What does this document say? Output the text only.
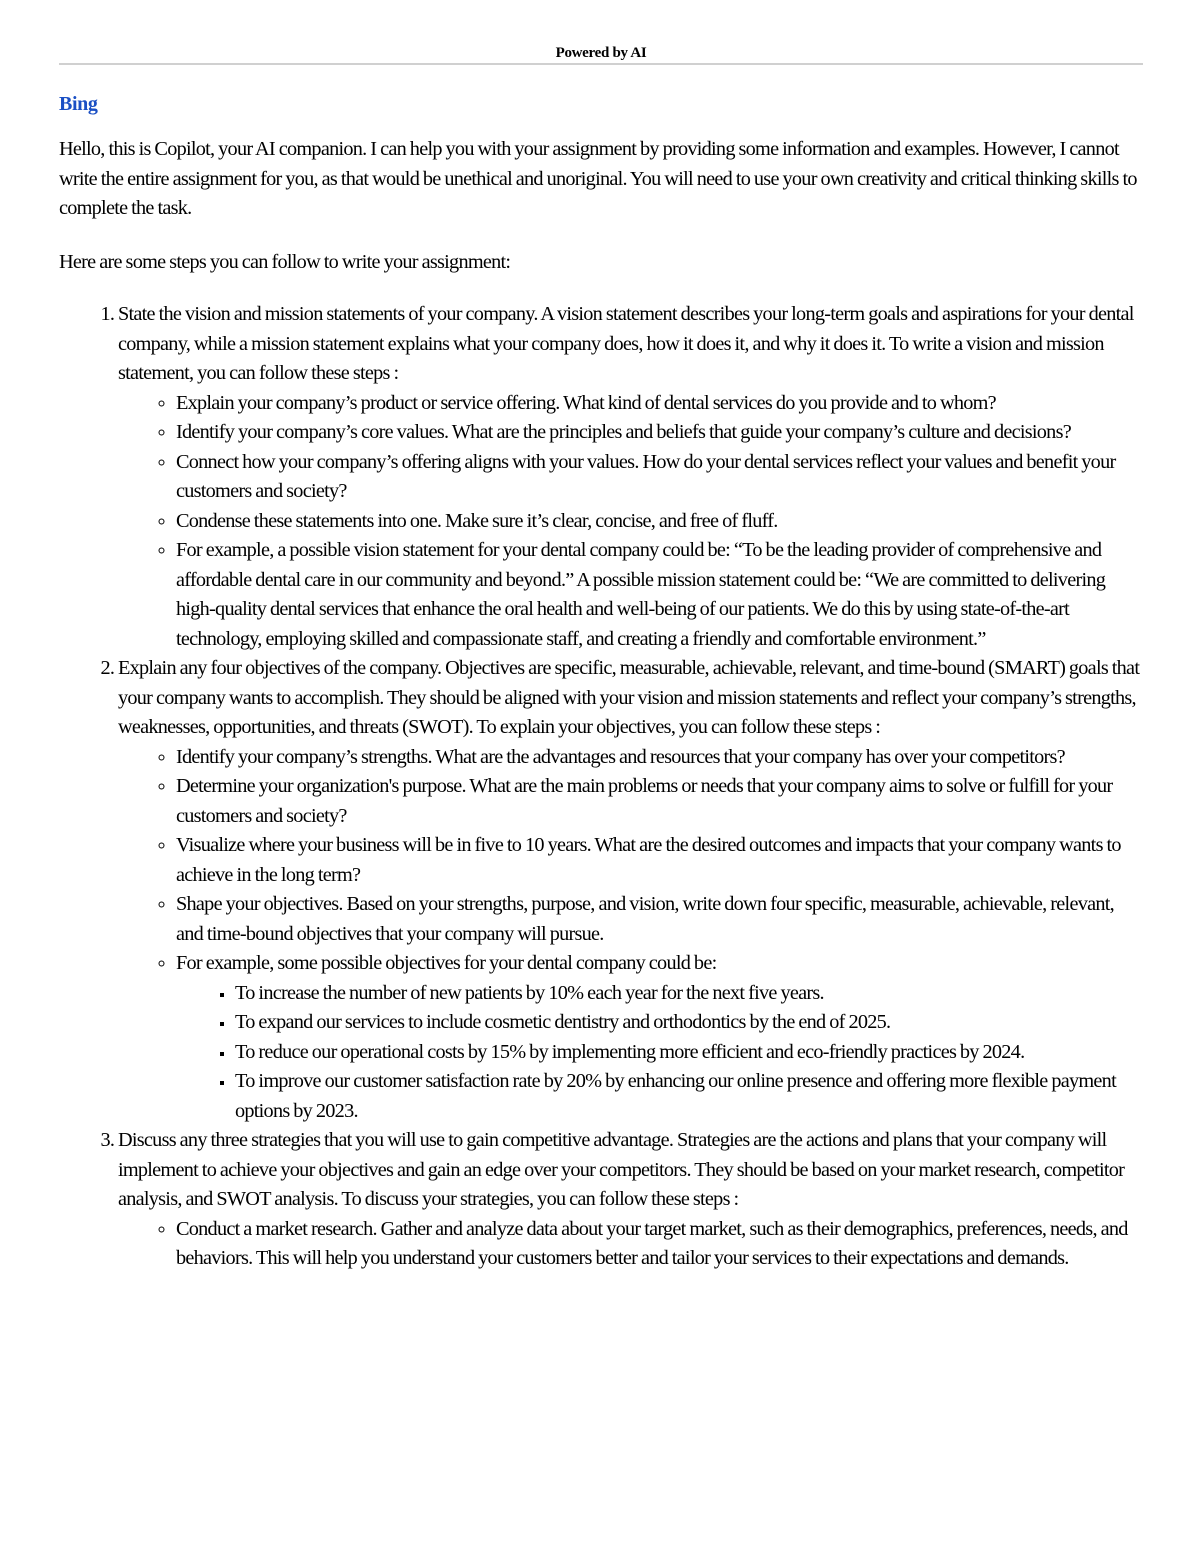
Powered by AI
Bing

Hello, this is Copilot, your AI companion. I can help you with your assignment by providing some information and examples. However, I cannot write the entire assignment for you, as that would be unethical and unoriginal. You will need to use your own creativity and critical thinking skills to complete the task.

Here are some steps you can follow to write your assignment:

1. State the vision and mission statements of your company. A vision statement describes your long-term goals and aspirations for your dental company, while a mission statement explains what your company does, how it does it, and why it does it. To write a vision and mission statement, you can follow these steps :
◦ Explain your company’s product or service offering. What kind of dental services do you provide and to whom?
◦ Identify your company’s core values. What are the principles and beliefs that guide your company’s culture and decisions?
◦ Connect how your company’s offering aligns with your values. How do your dental services reflect your values and benefit your customers and society?
◦ Condense these statements into one. Make sure it’s clear, concise, and free of fluff.
◦ For example, a possible vision statement for your dental company could be: “To be the leading provider of comprehensive and affordable dental care in our community and beyond.” A possible mission statement could be: “We are committed to delivering high-quality dental services that enhance the oral health and well-being of our patients. We do this by using state-of-the-art technology, employing skilled and compassionate staff, and creating a friendly and comfortable environment.”
2. Explain any four objectives of the company. Objectives are specific, measurable, achievable, relevant, and time-bound (SMART) goals that your company wants to accomplish. They should be aligned with your vision and mission statements and reflect your company’s strengths, weaknesses, opportunities, and threats (SWOT). To explain your objectives, you can follow these steps :
◦ Identify your company’s strengths. What are the advantages and resources that your company has over your competitors?
◦ Determine your organization's purpose. What are the main problems or needs that your company aims to solve or fulfill for your customers and society?
◦ Visualize where your business will be in five to 10 years. What are the desired outcomes and impacts that your company wants to achieve in the long term?
◦ Shape your objectives. Based on your strengths, purpose, and vision, write down four specific, measurable, achievable, relevant, and time-bound objectives that your company will pursue.
◦ For example, some possible objectives for your dental company could be:
▪ To increase the number of new patients by 10% each year for the next five years.
▪ To expand our services to include cosmetic dentistry and orthodontics by the end of 2025.
▪ To reduce our operational costs by 15% by implementing more efficient and eco-friendly practices by 2024.
▪ To improve our customer satisfaction rate by 20% by enhancing our online presence and offering more flexible payment options by 2023.
3. Discuss any three strategies that you will use to gain competitive advantage. Strategies are the actions and plans that your company will implement to achieve your objectives and gain an edge over your competitors. They should be based on your market research, competitor analysis, and SWOT analysis. To discuss your strategies, you can follow these steps :
◦ Conduct a market research. Gather and analyze data about your target market, such as their demographics, preferences, needs, and behaviors. This will help you understand your customers better and tailor your services to their expectations and demands.
